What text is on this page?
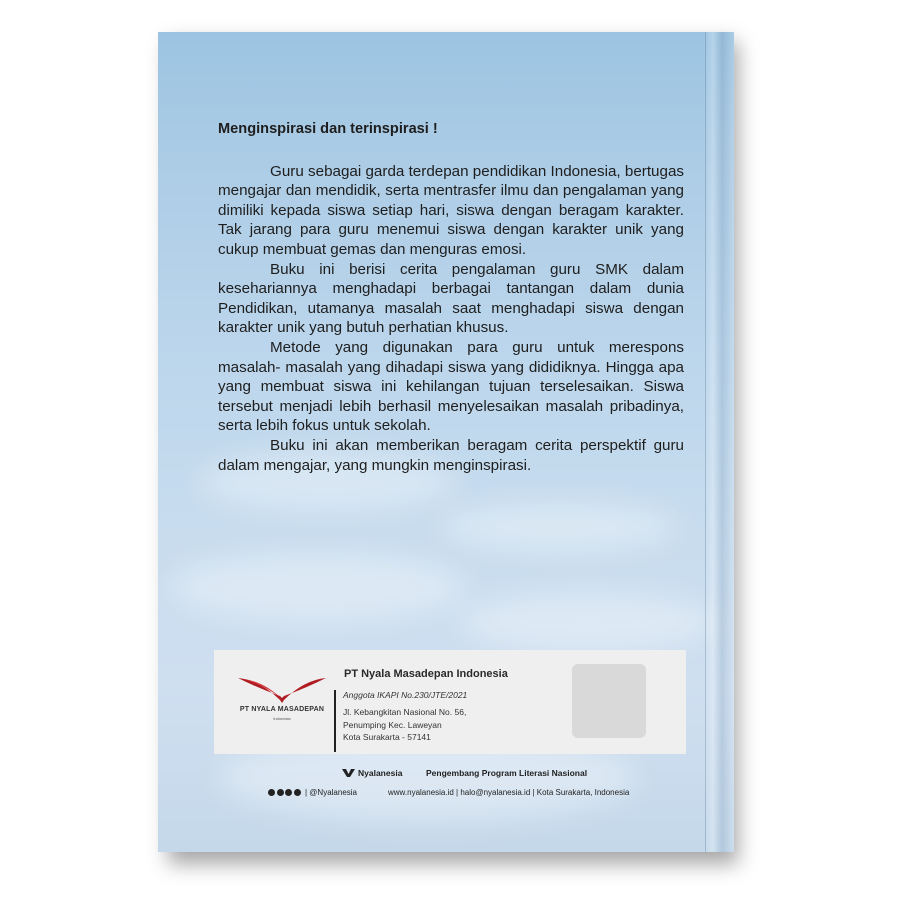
Menginspirasi dan terinspirasi !

Guru sebagai garda terdepan pendidikan Indonesia, bertugas mengajar dan mendidik, serta mentrasfer ilmu dan pengalaman yang dimiliki kepada siswa setiap hari, siswa dengan beragam karakter. Tak jarang para guru menemui siswa dengan karakter unik yang cukup membuat gemas dan menguras emosi.

Buku ini berisi cerita pengalaman guru SMK dalam kesehariannya menghadapi berbagai tantangan dalam dunia Pendidikan, utamanya masalah saat menghadapi siswa dengan karakter unik yang butuh perhatian khusus.

Metode yang digunakan para guru untuk merespons masalah- masalah yang dihadapi siswa yang dididiknya. Hingga apa yang membuat siswa ini kehilangan tujuan terselesaikan. Siswa tersebut menjadi lebih berhasil menyelesaikan masalah pribadinya, serta lebih fokus untuk sekolah.

Buku ini akan memberikan beragam cerita perspektif guru dalam mengajar, yang mungkin menginspirasi.

PT NYALA MASADEPAN
Indonesia
PT Nyala Masadepan Indonesia
Anggota IKAPI No.230/JTE/2021
Jl. Kebangkitan Nasional No. 56,
Penumping Kec. Laweyan
Kota Surakarta - 57141
Nyalanesia	Pengembang Program Literasi Nasional
| @Nyalanesia	www.nyalanesia.id | halo@nyalanesia.id | Kota Surakarta, Indonesia
